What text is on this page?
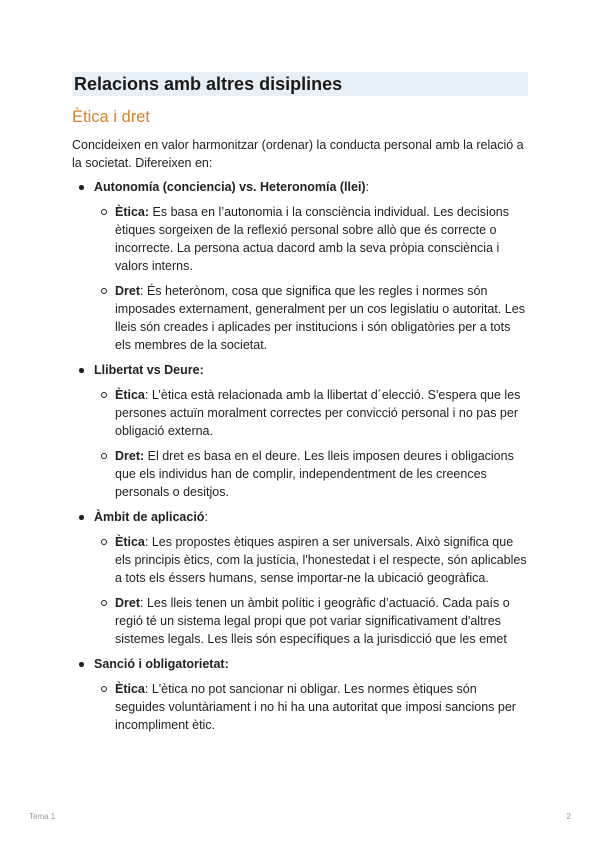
Relacions amb altres disiplines
Ètica i dret
Concideixen en valor harmonitzar (ordenar) la conducta personal amb la relació a la societat. Difereixen en:
Autonomía (conciencia) vs. Heteronomía (llei):
Ètica: Es basa en l’autonomia i la consciència individual. Les decisions ètiques sorgeixen de la reflexió personal sobre allò que és correcte o incorrecte. La persona actua dacord amb la seva pròpia consciència i valors interns.
Dret: És heterònom, cosa que significa que les regles i normes són imposades externament, generalment per un cos legislatiu o autoritat. Les lleis són creades i aplicades per institucions i són obligatòries per a tots els membres de la societat.
Llibertat vs Deure:
Ètica: L’ètica està relacionada amb la llibertat d´elecció. S'espera que les persones actuïn moralment correctes per convicció personal i no pas per obligació externa.
Dret: El dret es basa en el deure. Les lleis imposen deures i obligacions que els individus han de complir, independentment de les creences personals o desitjos.
Àmbit de aplicació:
Ètica: Les propostes ètiques aspiren a ser universals. Això significa que els principis ètics, com la justícia, l'honestedat i el respecte, són aplicables a tots els éssers humans, sense importar-ne la ubicació geogràfica.
Dret: Les lleis tenen un àmbit polític i geogràfic d’actuació. Cada país o regió té un sistema legal propi que pot variar significativament d'altres sistemes legals. Les lleis són específiques a la jurisdicció que les emet
Sanció i obligatorietat:
Ètica: L'ètica no pot sancionar ni obligar. Les normes ètiques són seguides voluntàriament i no hi ha una autoritat que imposi sancions per incompliment ètic.
Tema 1	2
